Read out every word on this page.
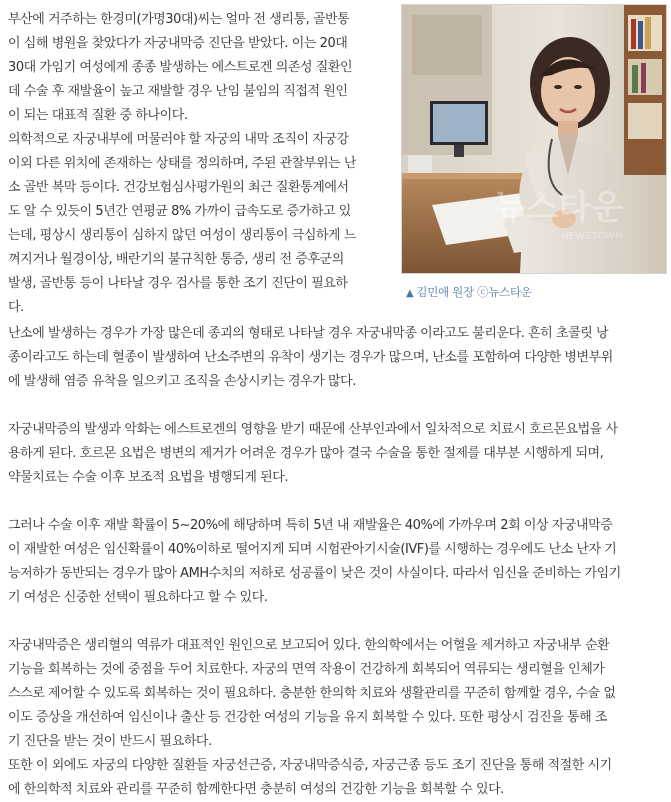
뉴스타운
NEWSTOWN
▲ 김민애 원장 ⓒ뉴스타운

부산에 거주하는 한경미(가명30대)씨는 얼마 전 생리통, 골반통
이 심해 병원을 찾았다가 자궁내막증 진단을 받았다. 이는 20대
30대 가임기 여성에게 종종 발생하는 에스트로겐 의존성 질환인
데 수술 후 재발율이 높고 재발할 경우 난임 불임의 직접적 원인
이 되는 대표적 질환 중 하나이다.

의학적으로 자궁내부에 머물러야 할 자궁의 내막 조직이 자궁강
이외 다른 위치에 존재하는 상태를 정의하며, 주된 관찰부위는 난
소 골반 복막 등이다. 건강보험심사평가원의 최근 질환통계에서
도 알 수 있듯이 5년간 연평균 8% 가까이 급속도로 증가하고 있
는데, 평상시 생리통이 심하지 않던 여성이 생리통이 극심하게 느
껴지거나 월경이상, 배란기의 불규칙한 통증, 생리 전 증후군의
발생, 골반통 등이 나타날 경우 검사를 통한 조기 진단이 필요하
다.

난소에 발생하는 경우가 가장 많은데 종괴의 형태로 나타날 경우 자궁내막종 이라고도 불리운다. 흔히 초콜릿 낭
종이라고도 하는데 혈종이 발생하여 난소주변의 유착이 생기는 경우가 많으며, 난소를 포함하여 다양한 병변부위
에 발생해 염증 유착을 일으키고 조직을 손상시키는 경우가 많다.

자궁내막증의 발생과 악화는 에스트로겐의 영향을 받기 때문에 산부인과에서 일차적으로 치료시 호르몬요법을 사
용하게 된다. 호르몬 요법은 병변의 제거가 어려운 경우가 많아 결국 수술을 통한 절제를 대부분 시행하게 되며,
약물치료는 수술 이후 보조적 요법을 병행되게 된다.

그러나 수술 이후 재발 확률이 5~20%에 해당하며 특히 5년 내 재발율은 40%에 가까우며 2회 이상 자궁내막증
이 재발한 여성은 임신확률이 40%이하로 떨어지게 되며 시험관아기시술(IVF)를 시행하는 경우에도 난소 난자 기
능저하가 동반되는 경우가 많아 AMH수치의 저하로 성공률이 낮은 것이 사실이다. 따라서 임신을 준비하는 가임기
기 여성은 신중한 선택이 필요하다고 할 수 있다.

자궁내막증은 생리혈의 역류가 대표적인 원인으로 보고되어 있다. 한의학에서는 어혈을 제거하고 자궁내부 순환
기능을 회복하는 것에 중점을 두어 치료한다. 자궁의 면역 작용이 건강하게 회복되어 역류되는 생리혈을 인체가
스스로 제어할 수 있도록 회복하는 것이 필요하다. 충분한 한의학 치료와 생활관리를 꾸준히 함께할 경우, 수술 없
이도 증상을 개선하여 임신이나 출산 등 건강한 여성의 기능을 유지 회복할 수 있다. 또한 평상시 검진을 통해 조
기 진단을 받는 것이 반드시 필요하다.

또한 이 외에도 자궁의 다양한 질환들 자궁선근증, 자궁내막증식증, 자궁근종 등도 조기 진단을 통해 적절한 시기
에 한의학적 치료와 관리를 꾸준히 함께한다면 충분히 여성의 건강한 기능을 회복할 수 있다.
